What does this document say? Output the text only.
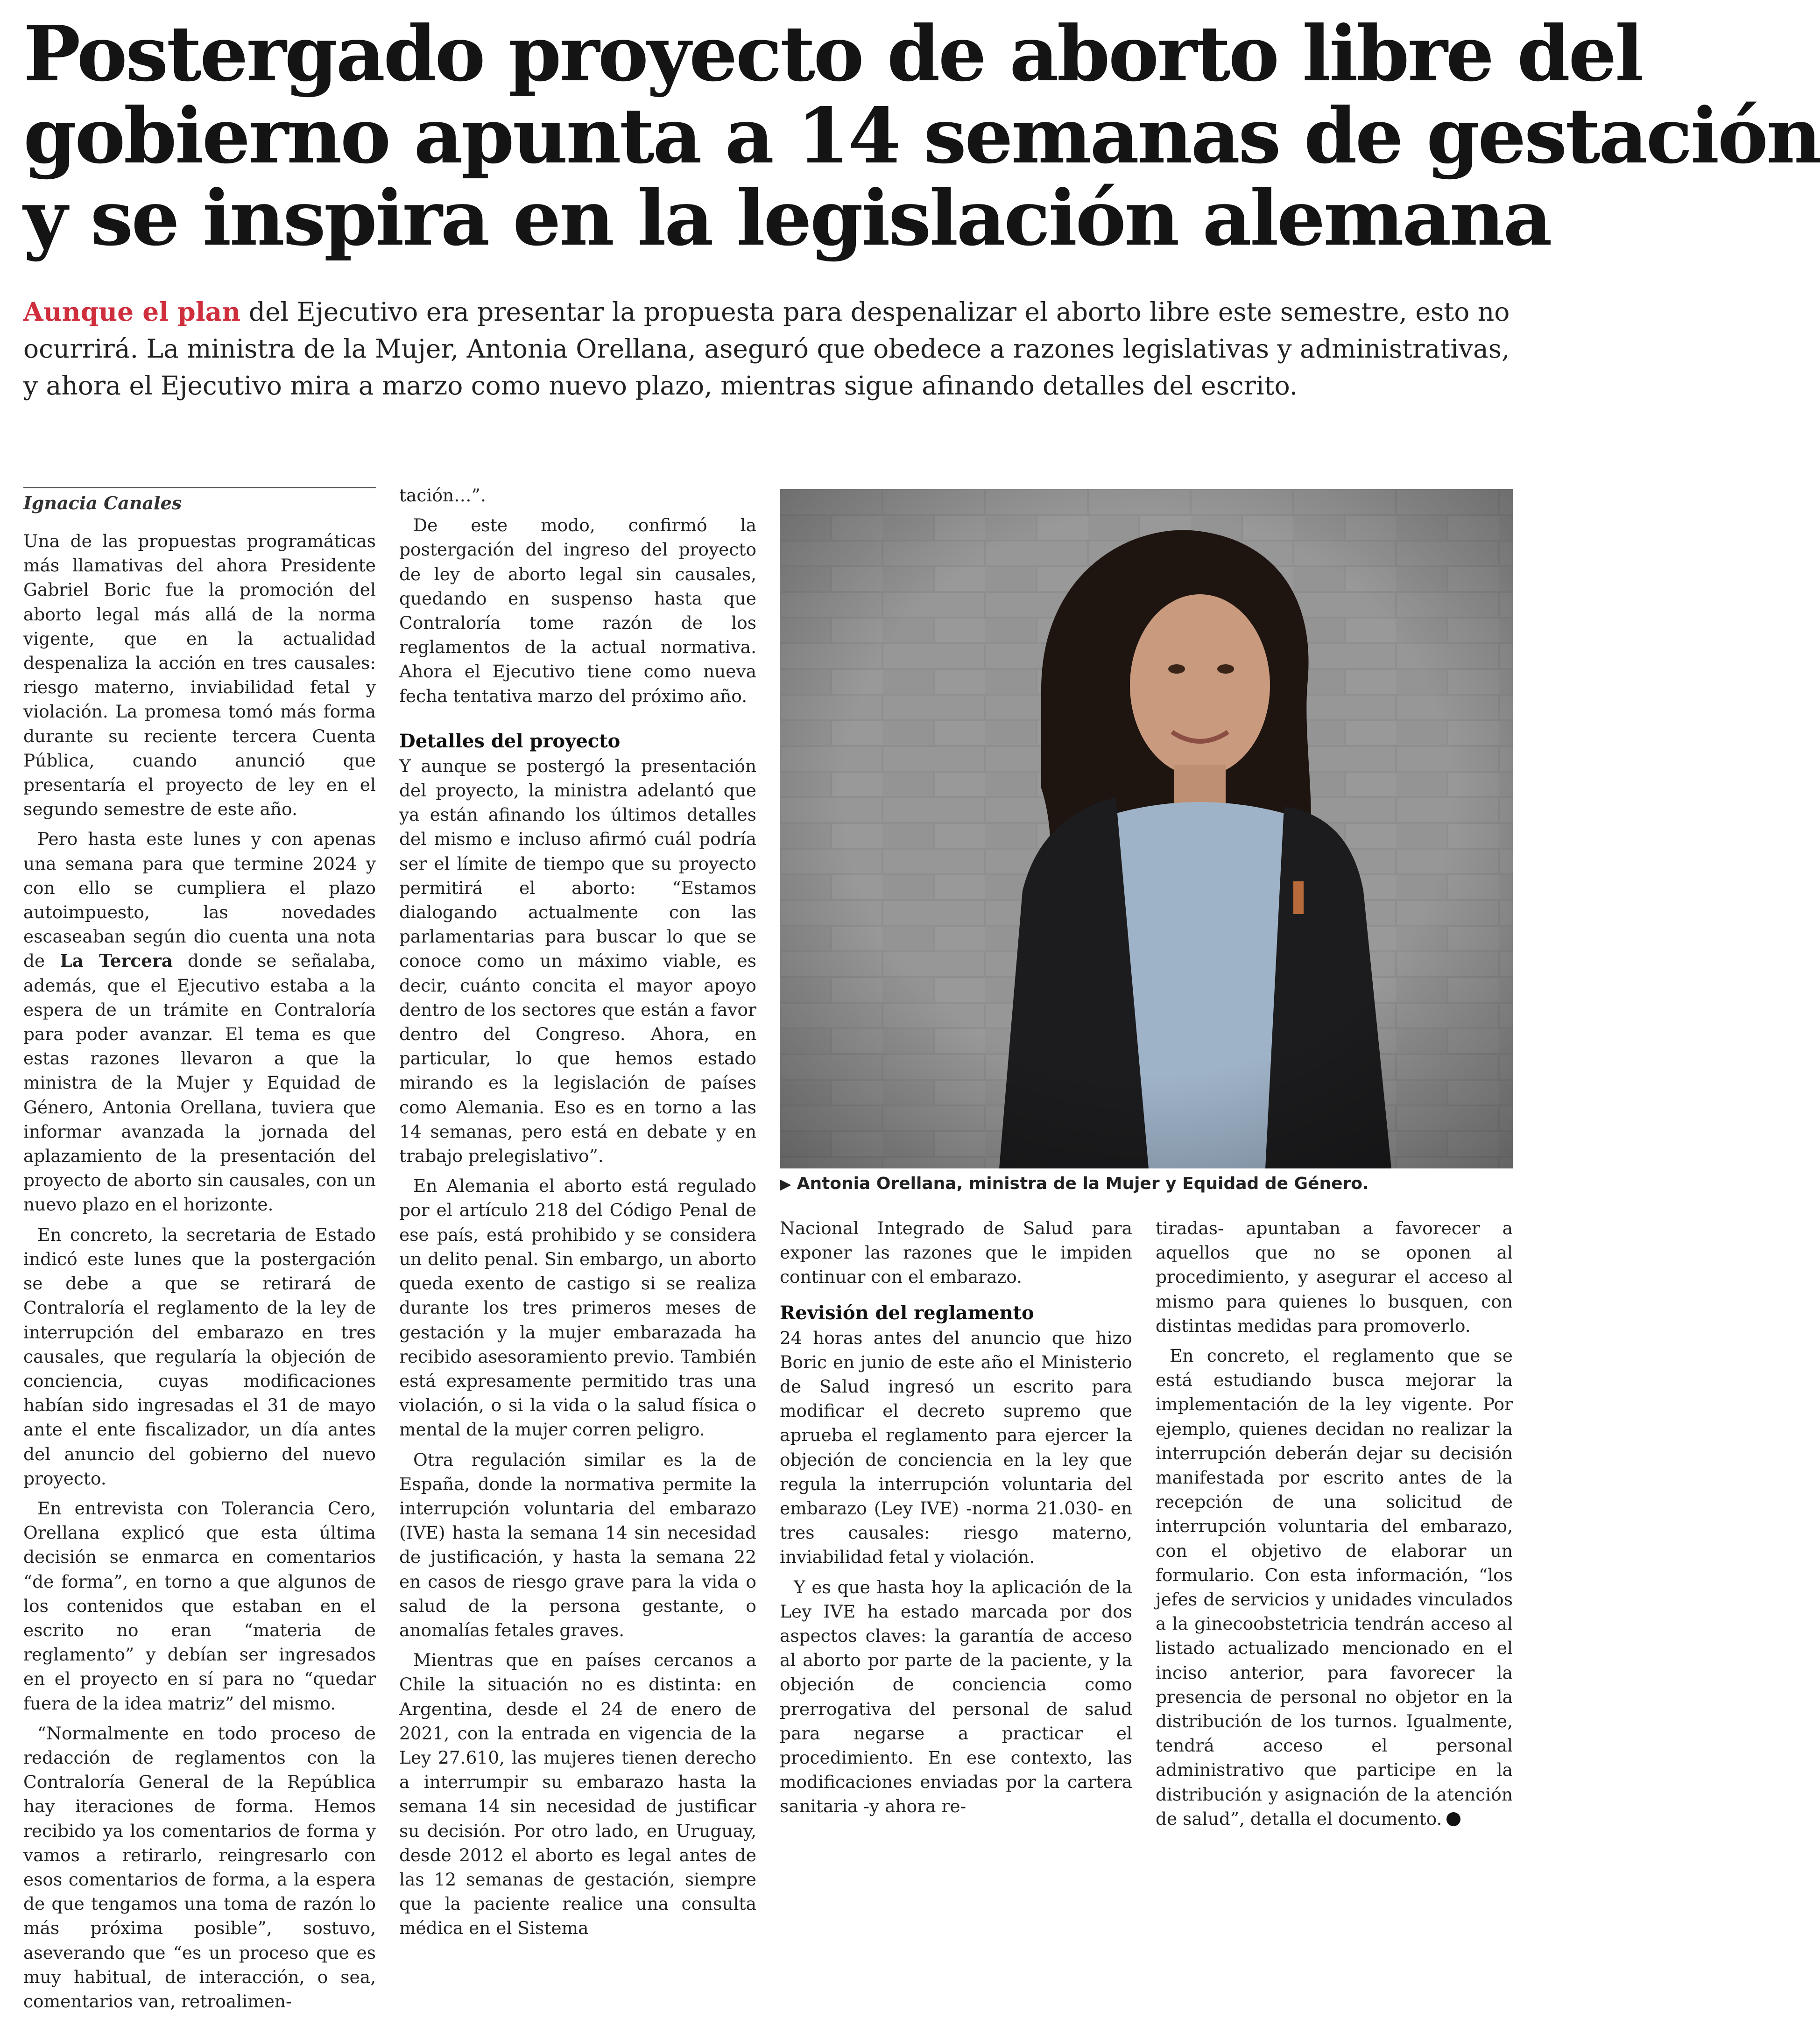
Postergado proyecto de aborto libre del
gobierno apunta a 14 semanas de gestación
y se inspira en la legislación alemana
Aunque el plan del Ejecutivo era presentar la propuesta para despenalizar el aborto libre este semestre, esto no
ocurrirá. La ministra de la Mujer, Antonia Orellana, aseguró que obedece a razones legislativas y administrativas,
y ahora el Ejecutivo mira a marzo como nuevo plazo, mientras sigue afinando detalles del escrito.

Ignacia Canales

Una de las propuestas programáticas más llamativas del ahora Presidente Gabriel Boric fue la promoción del aborto legal más allá de la norma vigente, que en la actualidad despenaliza la acción en tres causales: riesgo materno, inviabilidad fetal y violación. La promesa tomó más forma durante su reciente tercera Cuenta Pública, cuando anunció que presentaría el proyecto de ley en el segundo semestre de este año.

Pero hasta este lunes y con apenas una semana para que termine 2024 y con ello se cumpliera el plazo autoimpuesto, las novedades escaseaban según dio cuenta una nota de La Tercera donde se señalaba, además, que el Ejecutivo estaba a la espera de un trámite en Contraloría para poder avanzar. El tema es que estas razones llevaron a que la ministra de la Mujer y Equidad de Género, Antonia Orellana, tuviera que informar avanzada la jornada del aplazamiento de la presentación del proyecto de aborto sin causales, con un nuevo plazo en el horizonte.

En concreto, la secretaria de Estado indicó este lunes que la postergación se debe a que se retirará de Contraloría el reglamento de la ley de interrupción del embarazo en tres causales, que regularía la objeción de conciencia, cuyas modificaciones habían sido ingresadas el 31 de mayo ante el ente fiscalizador, un día antes del anuncio del gobierno del nuevo proyecto.

En entrevista con Tolerancia Cero, Orellana explicó que esta última decisión se enmarca en comentarios “de forma”, en torno a que algunos de los contenidos que estaban en el escrito no eran “materia de reglamento” y debían ser ingresados en el proyecto en sí para no “quedar fuera de la idea matriz” del mismo.

“Normalmente en todo proceso de redacción de reglamentos con la Contraloría General de la República hay iteraciones de forma. Hemos recibido ya los comentarios de forma y vamos a retirarlo, reingresarlo con esos comentarios de forma, a la espera de que tengamos una toma de razón lo más próxima posible”, sostuvo, aseverando que “es un proceso que es muy habitual, de interacción, o sea, comentarios van, retroalimen-

tación…”.

De este modo, confirmó la postergación del ingreso del proyecto de ley de aborto legal sin causales, quedando en suspenso hasta que Contraloría tome razón de los reglamentos de la actual normativa. Ahora el Ejecutivo tiene como nueva fecha tentativa marzo del próximo año.

Detalles del proyecto

Y aunque se postergó la presentación del proyecto, la ministra adelantó que ya están afinando los últimos detalles del mismo e incluso afirmó cuál podría ser el límite de tiempo que su proyecto permitirá el aborto: “Estamos dialogando actualmente con las parlamentarias para buscar lo que se conoce como un máximo viable, es decir, cuánto concita el mayor apoyo dentro de los sectores que están a favor dentro del Congreso. Ahora, en particular, lo que hemos estado mirando es la legislación de países como Alemania. Eso es en torno a las 14 semanas, pero está en debate y en trabajo prelegislativo”.

En Alemania el aborto está regulado por el artículo 218 del Código Penal de ese país, está prohibido y se considera un delito penal. Sin embargo, un aborto queda exento de castigo si se realiza durante los tres primeros meses de gestación y la mujer embarazada ha recibido asesoramiento previo. También está expresamente permitido tras una violación, o si la vida o la salud física o mental de la mujer corren peligro.

Otra regulación similar es la de España, donde la normativa permite la interrupción voluntaria del embarazo (IVE) hasta la semana 14 sin necesidad de justificación, y hasta la semana 22 en casos de riesgo grave para la vida o salud de la persona gestante, o anomalías fetales graves.

Mientras que en países cercanos a Chile la situación no es distinta: en Argentina, desde el 24 de enero de 2021, con la entrada en vigencia de la Ley 27.610, las mujeres tienen derecho a interrumpir su embarazo hasta la semana 14 sin necesidad de justificar su decisión. Por otro lado, en Uruguay, desde 2012 el aborto es legal antes de las 12 semanas de gestación, siempre que la paciente realice una consulta médica en el Sistema

▶ Antonia Orellana, ministra de la Mujer y Equidad de Género.

Nacional Integrado de Salud para exponer las razones que le impiden continuar con el embarazo.

Revisión del reglamento

24 horas antes del anuncio que hizo Boric en junio de este año el Ministerio de Salud ingresó un escrito para modificar el decreto supremo que aprueba el reglamento para ejercer la objeción de conciencia en la ley que regula la interrupción voluntaria del embarazo (Ley IVE) -norma 21.030- en tres causales: riesgo materno, inviabilidad fetal y violación.

Y es que hasta hoy la aplicación de la Ley IVE ha estado marcada por dos aspectos claves: la garantía de acceso al aborto por parte de la paciente, y la objeción de conciencia como prerrogativa del personal de salud para negarse a practicar el procedimiento. En ese contexto, las modificaciones enviadas por la cartera sanitaria -y ahora re-

tiradas- apuntaban a favorecer a aquellos que no se oponen al procedimiento, y asegurar el acceso al mismo para quienes lo busquen, con distintas medidas para promoverlo.

En concreto, el reglamento que se está estudiando busca mejorar la implementación de la ley vigente. Por ejemplo, quienes decidan no realizar la interrupción deberán dejar su decisión manifestada por escrito antes de la recepción de una solicitud de interrupción voluntaria del embarazo, con el objetivo de elaborar un formulario. Con esta información, “los jefes de servicios y unidades vinculados a la ginecoobstetricia tendrán acceso al listado actualizado mencionado en el inciso anterior, para favorecer la presencia de personal no objetor en la distribución de los turnos. Igualmente, tendrá acceso el personal administrativo que participe en la distribución y asignación de la atención de salud”, detalla el documento.
